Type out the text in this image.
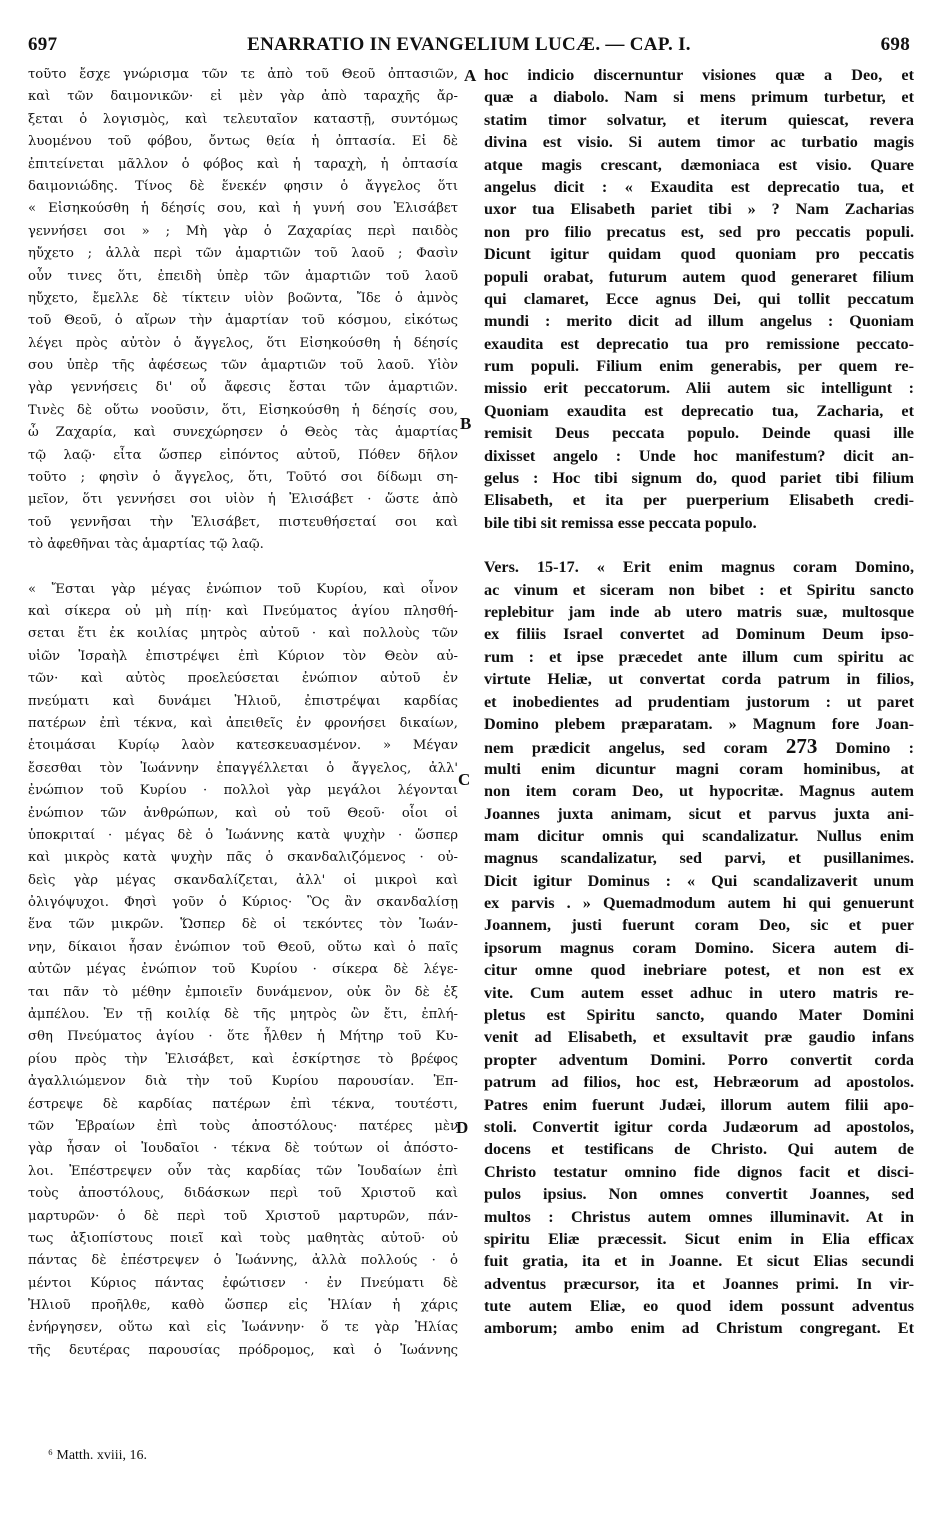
697	ENARRATIO IN EVANGELIUM LUCÆ. — CAP. I.	698
τοῦτο ἔσχε γνώρισμα τῶν τε ἀπὸ τοῦ Θεοῦ ὀπτασιῶν,
καὶ τῶν δαιμονικῶν· εἰ μὲν γὰρ ἀπὸ ταραχῆς ἄρ-
ξεται ὁ λογισμὸς, καὶ τελευταῖον καταστῇ, συντόμως
λυομένου τοῦ φόβου, ὄντως θεία ἡ ὀπτασία. Εἰ δὲ
ἐπιτείνεται μᾶλλον ὁ φόβος καὶ ἡ ταραχὴ, ἡ ὀπτασία
δαιμονιώδης. Τίνος δὲ ἕνεκέν φησιν ὁ ἄγγελος ὅτι
« Εἰσηκούσθη ἡ δέησίς σου, καὶ ἡ γυνή σου Ἐλισάβετ
γεννήσει σοι » ; Μὴ γὰρ ὁ Ζαχαρίας περὶ παιδὸς
ηὔχετο ; ἀλλὰ περὶ τῶν ἁμαρτιῶν τοῦ λαοῦ ; Φασὶν
οὖν τινες ὅτι, ἐπειδὴ ὑπὲρ τῶν ἁμαρτιῶν τοῦ λαοῦ
ηὔχετο, ἔμελλε δὲ τίκτειν υἱὸν βοῶντα, Ἴδε ὁ ἀμνὸς
τοῦ Θεοῦ, ὁ αἴρων τὴν ἁμαρτίαν τοῦ κόσμου, εἰκότως
λέγει πρὸς αὐτὸν ὁ ἄγγελος, ὅτι Εἰσηκούσθη ἡ δέησίς
σου ὑπὲρ τῆς ἀφέσεως τῶν ἁμαρτιῶν τοῦ λαοῦ. Υἱὸν
γὰρ γεννήσεις δι' οὗ ἄφεσις ἔσται τῶν ἁμαρτιῶν.
Τινὲς δὲ οὕτω νοοῦσιν, ὅτι, Εἰσηκούσθη ἡ δέησίς σου,
ὦ Ζαχαρία, καὶ συνεχώρησεν ὁ Θεὸς τὰς ἁμαρτίας
τῷ λαῷ· εἶτα ὥσπερ εἰπόντος αὐτοῦ, Πόθεν δῆλον
τοῦτο ; φησὶν ὁ ἄγγελος, ὅτι, Τοῦτό σοι δίδωμι ση-
μεῖον, ὅτι γεννήσει σοι υἱὸν ἡ Ἐλισάβετ · ὥστε ἀπὸ
τοῦ γεννῆσαι τὴν Ἐλισάβετ, πιστευθήσεταί σοι καὶ
τὸ ἀφεθῆναι τὰς ἁμαρτίας τῷ λαῷ.
« Ἔσται γὰρ μέγας ἐνώπιον τοῦ Κυρίου, καὶ οἶνον
καὶ σίκερα οὐ μὴ πίῃ· καὶ Πνεύματος ἁγίου πλησθή-
σεται ἔτι ἐκ κοιλίας μητρὸς αὐτοῦ · καὶ πολλοὺς τῶν
υἱῶν Ἰσραὴλ ἐπιστρέψει ἐπὶ Κύριον τὸν Θεὸν αὐ-
τῶν· καὶ αὐτὸς προελεύσεται ἐνώπιον αὐτοῦ ἐν
πνεύματι καὶ δυνάμει Ἠλιοῦ, ἐπιστρέψαι καρδίας
πατέρων ἐπὶ τέκνα, καὶ ἀπειθεῖς ἐν φρονήσει δικαίων,
ἑτοιμάσαι Κυρίῳ λαὸν κατεσκευασμένον. » Μέγαν
ἔσεσθαι τὸν Ἰωάννην ἐπαγγέλλεται ὁ ἄγγελος, ἀλλ'
ἐνώπιον τοῦ Κυρίου · πολλοὶ γὰρ μεγάλοι λέγονται
ἐνώπιον τῶν ἀνθρώπων, καὶ οὐ τοῦ Θεοῦ· οἷοι οἱ
ὑποκριταί · μέγας δὲ ὁ Ἰωάννης κατὰ ψυχὴν · ὥσπερ
καὶ μικρὸς κατὰ ψυχὴν πᾶς ὁ σκανδαλιζόμενος · οὐ-
δεὶς γὰρ μέγας σκανδαλίζεται, ἀλλ' οἱ μικροὶ καὶ
ὀλιγόψυχοι. Φησὶ γοῦν ὁ Κύριος· Ὃς ἂν σκανδαλίσῃ
ἕνα τῶν μικρῶν. Ὥσπερ δὲ οἱ τεκόντες τὸν Ἰωάν-
νην, δίκαιοι ἦσαν ἐνώπιον τοῦ Θεοῦ, οὕτω καὶ ὁ παῖς
αὐτῶν μέγας ἐνώπιον τοῦ Κυρίου · σίκερα δὲ λέγε-
ται πᾶν τὸ μέθην ἐμποιεῖν δυνάμενον, οὐκ ὂν δὲ ἐξ
ἀμπέλου. Ἐν τῇ κοιλίᾳ δὲ τῆς μητρὸς ὢν ἔτι, ἐπλή-
σθη Πνεύματος ἁγίου · ὅτε ἦλθεν ἡ Μήτηρ τοῦ Κυ-
ρίου πρὸς τὴν Ἐλισάβετ, καὶ ἐσκίρτησε τὸ βρέφος
ἀγαλλιώμενον διὰ τὴν τοῦ Κυρίου παρουσίαν. Ἐπ-
έστρεψε δὲ καρδίας πατέρων ἐπὶ τέκνα, τουτέστι,
τῶν Ἑβραίων ἐπὶ τοὺς ἀποστόλους· πατέρες μὲν
γὰρ ἦσαν οἱ Ἰουδαῖοι · τέκνα δὲ τούτων οἱ ἀπόστο-
λοι. Ἐπέστρεψεν οὖν τὰς καρδίας τῶν Ἰουδαίων ἐπὶ
τοὺς ἀποστόλους, διδάσκων περὶ τοῦ Χριστοῦ καὶ
μαρτυρῶν· ὁ δὲ περὶ τοῦ Χριστοῦ μαρτυρῶν, πάν-
τως ἀξιοπίστους ποιεῖ καὶ τοὺς μαθητὰς αὐτοῦ· οὐ
πάντας δὲ ἐπέστρεψεν ὁ Ἰωάννης, ἀλλὰ πολλούς · ὁ
μέντοι Κύριος πάντας ἐφώτισεν · ἐν Πνεύματι δὲ
Ἠλιοῦ προῆλθε, καθὸ ὥσπερ εἰς Ἠλίαν ἡ χάρις
ἐνήργησεν, οὕτω καὶ εἰς Ἰωάννην· ὅ τε γὰρ Ἠλίας
τῆς δευτέρας παρουσίας πρόδρομος, καὶ ὁ Ἰωάννης
hoc indicio discernuntur visiones quæ a Deo, et
quæ a diabolo. Nam si mens primum turbetur, et
statim timor solvatur, et iterum quiescat, revera
divina est visio. Si autem timor ac turbatio magis
atque magis crescant, dæmoniaca est visio. Quare
angelus dicit : « Exaudita est deprecatio tua, et
uxor tua Elisabeth pariet tibi » ? Nam Zacharias
non pro filio precatus est, sed pro peccatis populi.
Dicunt igitur quidam quod quoniam pro peccatis
populi orabat, futurum autem quod generaret filium
qui clamaret, Ecce agnus Dei, qui tollit peccatum
mundi : merito dicit ad illum angelus : Quoniam
exaudita est deprecatio tua pro remissione peccato-
rum populi. Filium enim generabis, per quem re-
missio erit peccatorum. Alii autem sic intelligunt :
Quoniam exaudita est deprecatio tua, Zacharia, et
remisit Deus peccata populo. Deinde quasi ille
dixisset angelo : Unde hoc manifestum? dicit an-
gelus : Hoc tibi signum do, quod pariet tibi filium
Elisabeth, et ita per puerperium Elisabeth credi-
bile tibi sit remissa esse peccata populo.
Vers. 15-17. « Erit enim magnus coram Domino,
ac vinum et siceram non bibet : et Spiritu sancto
replebitur jam inde ab utero matris suæ, multosque
ex filiis Israel convertet ad Dominum Deum ipso-
rum : et ipse præcedet ante illum cum spiritu ac
virtute Heliæ, ut convertat corda patrum in filios,
et inobedientes ad prudentiam justorum : ut paret
Domino plebem præparatam. » Magnum fore Joan-
nem prædicit angelus, sed coram 273 Domino :
multi enim dicuntur magni coram hominibus, at
non item coram Deo, ut hypocritæ. Magnus autem
Joannes juxta animam, sicut et parvus juxta ani-
mam dicitur omnis qui scandalizatur. Nullus enim
magnus scandalizatur, sed parvi, et pusillanimes.
Dicit igitur Dominus : « Qui scandalizaverit unum
ex parvis . » Quemadmodum autem hi qui genuerunt
Joannem, justi fuerunt coram Deo, sic et puer
ipsorum magnus coram Domino. Sicera autem di-
citur omne quod inebriare potest, et non est ex
vite. Cum autem esset adhuc in utero matris re-
pletus est Spiritu sancto, quando Mater Domini
venit ad Elisabeth, et exsultavit præ gaudio infans
propter adventum Domini. Porro convertit corda
patrum ad filios, hoc est, Hebræorum ad apostolos.
Patres enim fuerunt Judæi, illorum autem filii apo-
stoli. Convertit igitur corda Judæorum ad apostolos,
docens et testificans de Christo. Qui autem de
Christo testatur omnino fide dignos facit et disci-
pulos ipsius. Non omnes convertit Joannes, sed
multos : Christus autem omnes illuminavit. At in
spiritu Eliæ præcessit. Sicut enim in Elia efficax
fuit gratia, ita et in Joanne. Et sicut Elias secundi
adventus præcursor, ita et Joannes primi. In vir-
tute autem Eliæ, eo quod idem possunt adventus
amborum; ambo enim ad Christum congregant. Et
A
B
C
D
⁶ Matth. xviii, 16.
